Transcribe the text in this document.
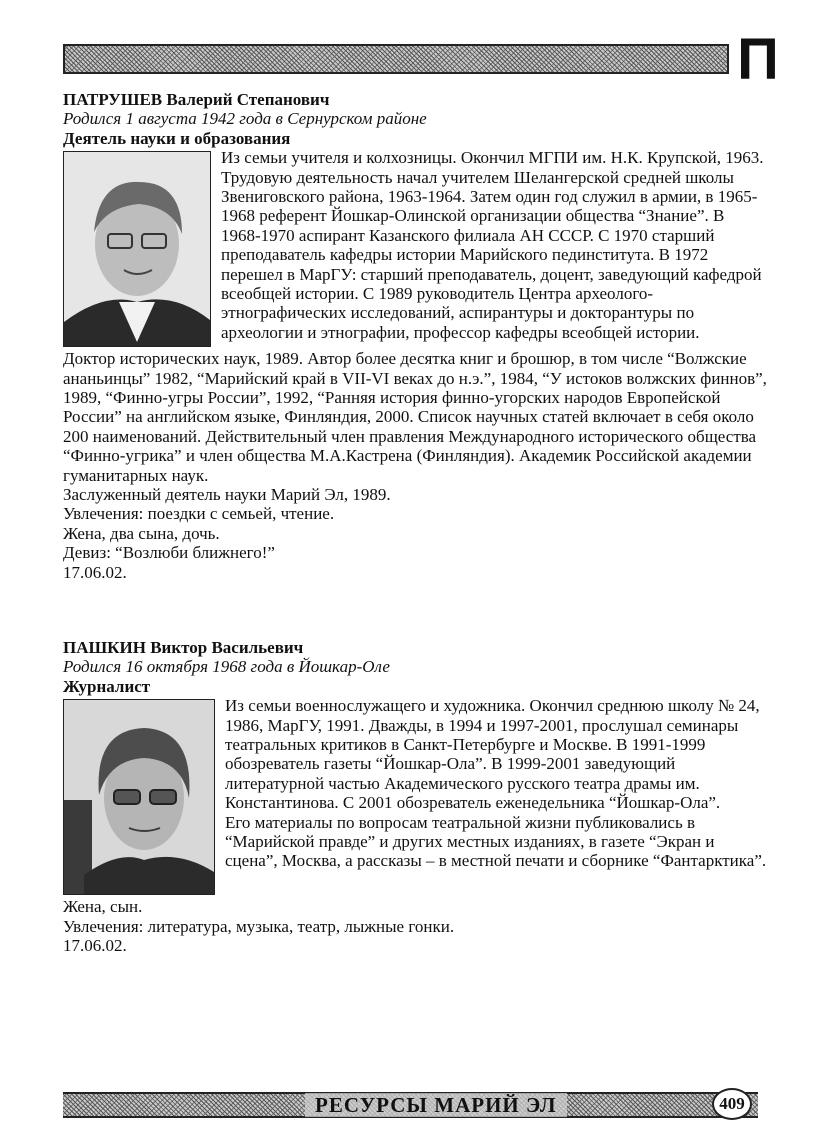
П
ПАТРУШЕВ Валерий Степанович
Родился 1 августа 1942 года в Сернурском районе
Деятель науки и образования

Из семьи учителя и колхозницы. Окончил МГПИ им. Н.К. Крупской, 1963. Трудовую деятельность начал учителем Шелангерской средней школы Звениговского района, 1963-1964. Затем один год служил в армии, в 1965-1968 референт Йошкар-Олинской организации общества “Знание”. В 1968-1970 аспирант Казанского филиала АН СССР. С 1970 старший преподаватель кафедры истории Марийского пединститута. В 1972 перешел в МарГУ: старший преподаватель, доцент, заведующий кафедрой всеобщей истории. С 1989 руководитель Центра археолого-этнографических исследований, аспирантуры и докторантуры по археологии и этнографии, профессор кафедры всеобщей истории.

Доктор исторических наук, 1989. Автор более десятка книг и брошюр, в том числе “Волжские ананьинцы” 1982, “Марийский край в VII-VI веках до н.э.”, 1984, “У истоков волжских финнов”, 1989, “Финно-угры России”, 1992, “Ранняя история финно-угорских народов Европейской России” на английском языке, Финляндия, 2000. Список научных статей включает в себя около 200 наименований. Действительный член правления Международного исторического общества “Финно-угрика” и член общества М.А.Кастрена (Финляндия). Академик Российской академии гуманитарных наук.

Заслуженный деятель науки Марий Эл, 1989.
Увлечения: поездки с семьей, чтение.
Жена, два сына, дочь.
Девиз: “Возлюби ближнего!”
17.06.02.
ПАШКИН Виктор Васильевич
Родился 16 октября 1968 года в Йошкар-Оле
Журналист

Из семьи военнослужащего и художника. Окончил среднюю школу № 24, 1986, МарГУ, 1991. Дважды, в 1994 и 1997-2001, прослушал семинары театральных критиков в Санкт-Петербурге и Москве. В 1991-1999 обозреватель газеты “Йошкар-Ола”. В 1999-2001 заведующий литературной частью Академического русского театра драмы им. Константинова. С 2001 обозреватель еженедельника “Йошкар-Ола”.

Его материалы по вопросам театральной жизни публиковались в “Марийской правде” и других местных изданиях, в газете “Экран и сцена”, Москва, а рассказы – в местной печати и сборнике “Фантарктика”.

Жена, сын.
Увлечения: литература, музыка, театр, лыжные гонки.
17.06.02.
РЕСУРСЫ МАРИЙ ЭЛ	409
